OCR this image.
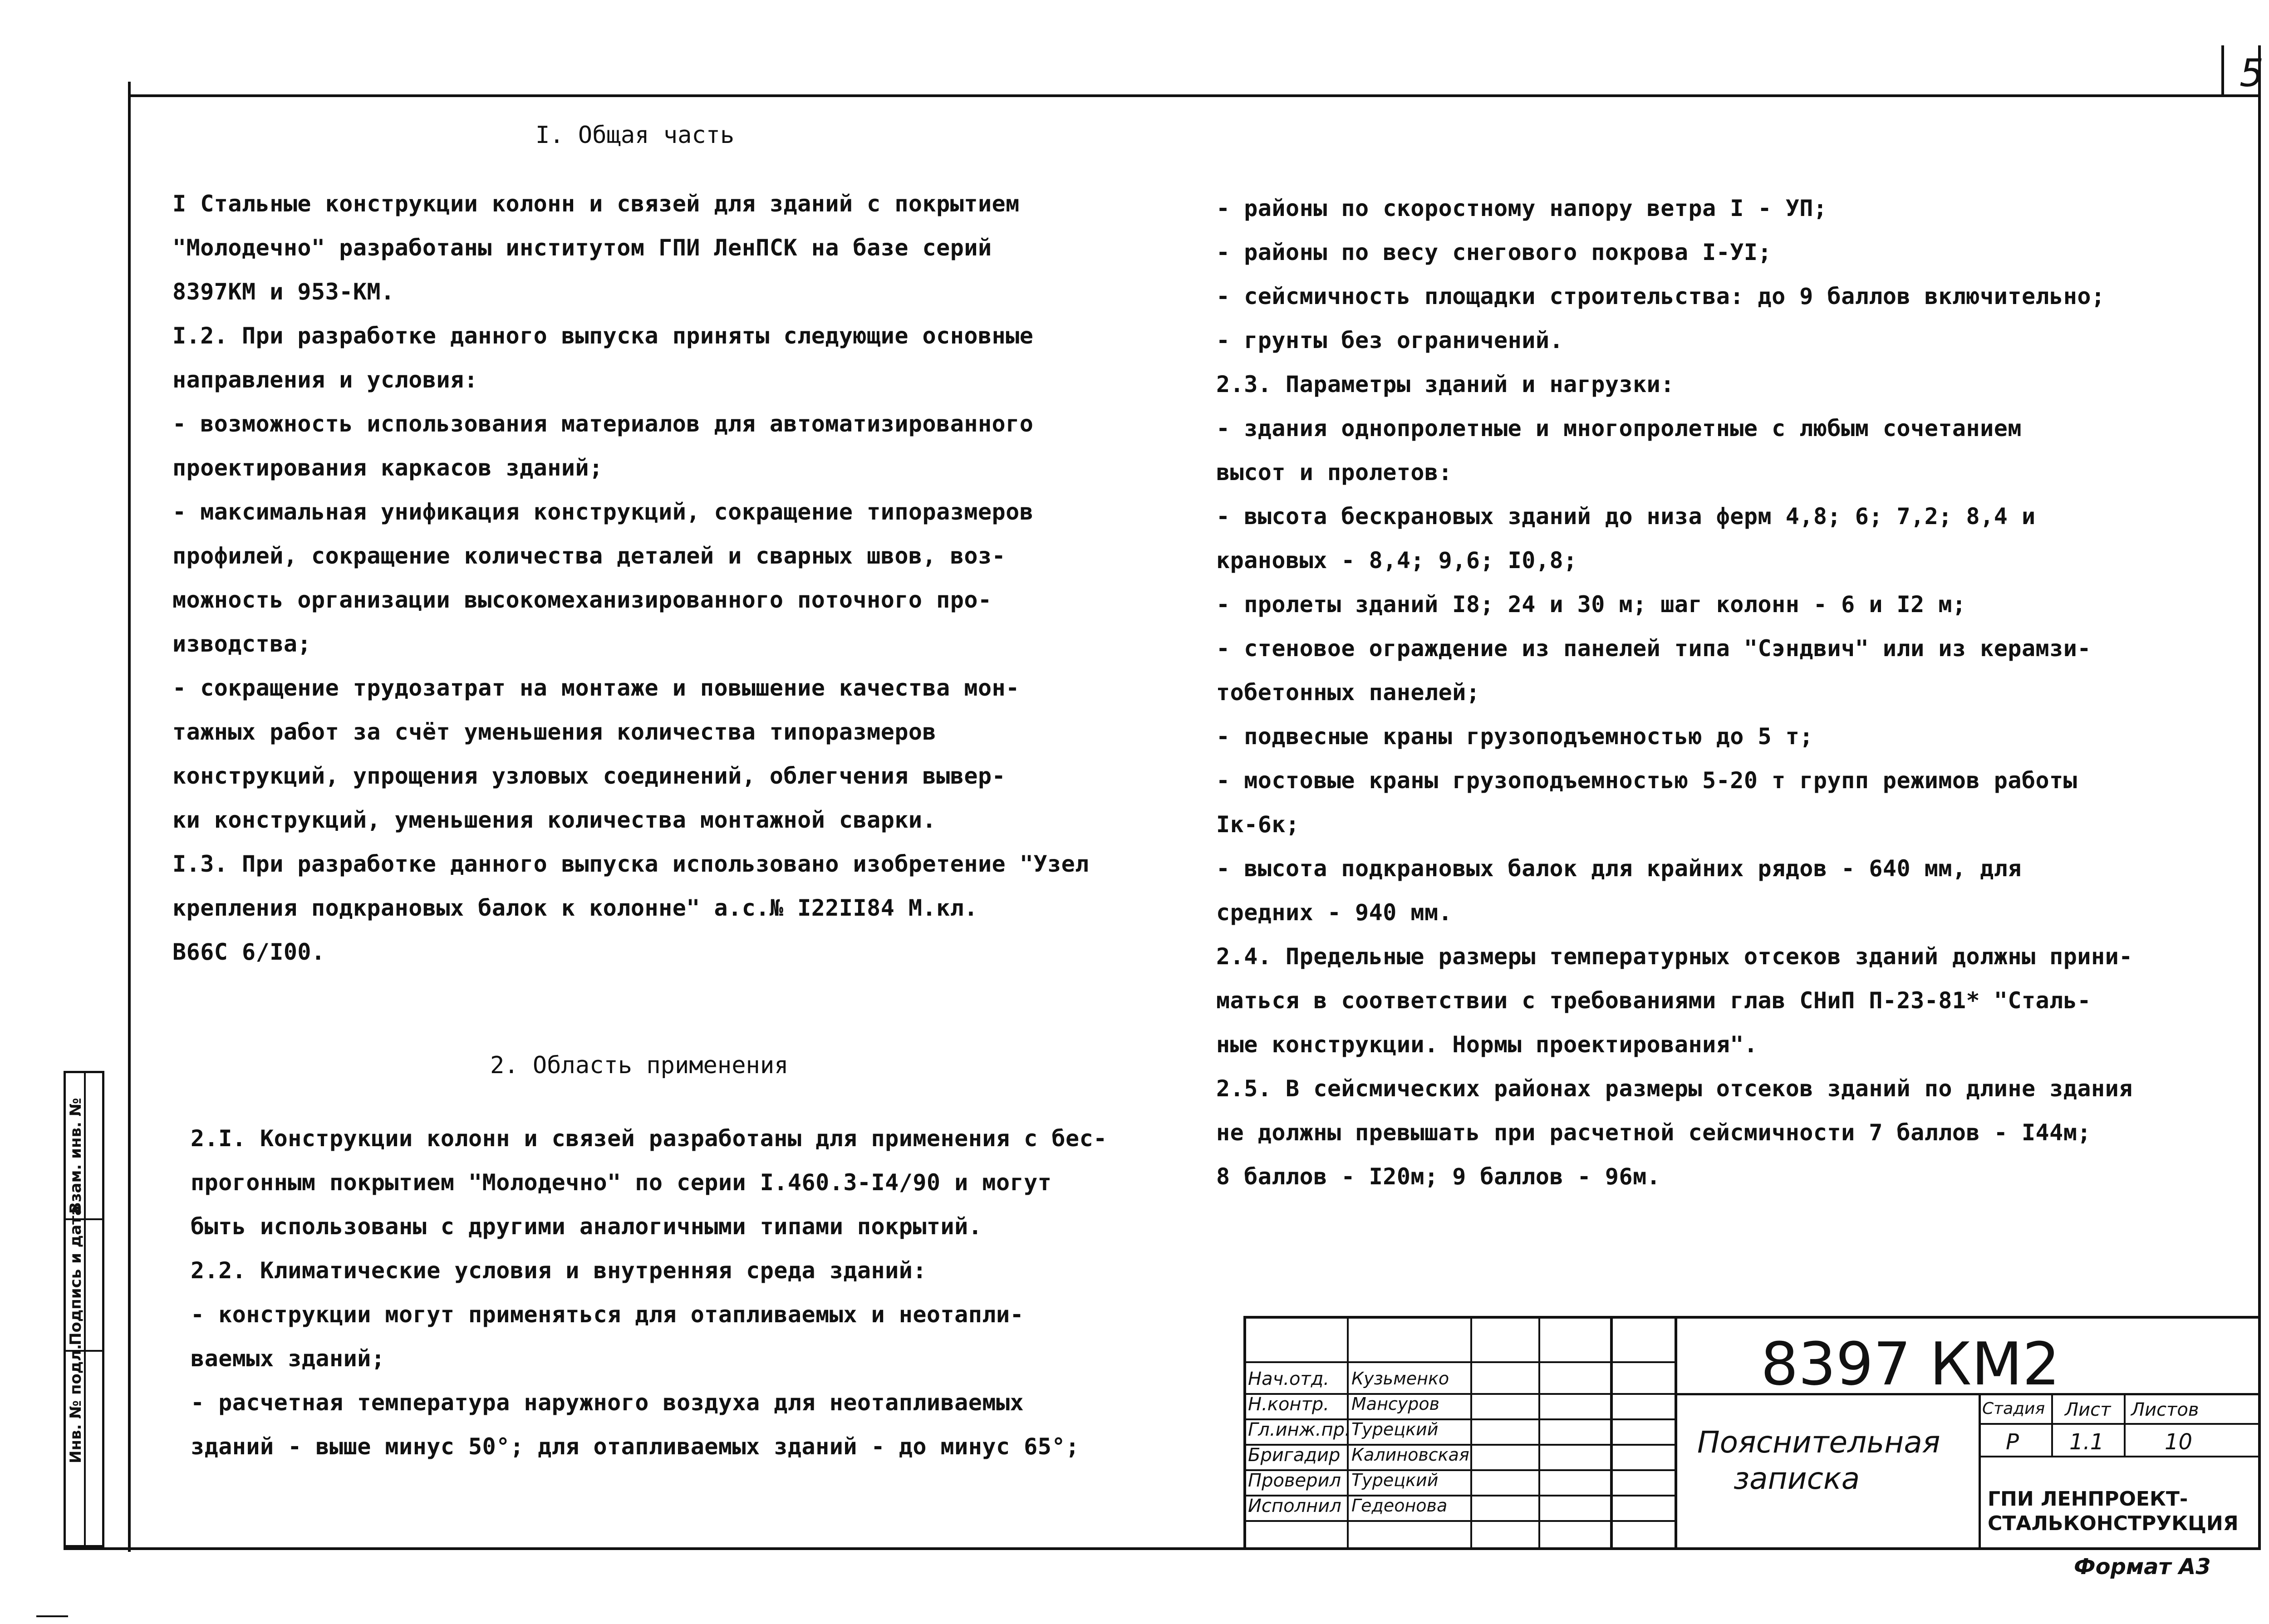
5
Инв. № подл.
Подпись и дата
Взам. инв. №
I. Общая часть
I Стальные конструкции колонн и связей для зданий с покрытием
"Молодечно" разработаны институтом ГПИ ЛенПСК на базе серий
8397КМ и 953-КМ.
I.2. При разработке данного выпуска приняты следующие основные
направления и условия:
- возможность использования материалов для автоматизированного
проектирования каркасов зданий;
- максимальная унификация конструкций, сокращение типоразмеров
профилей, сокращение количества деталей и сварных швов, воз-
можность организации высокомеханизированного поточного про-
изводства;
- сокращение трудозатрат на монтаже и повышение качества мон-
тажных работ за счёт уменьшения количества типоразмеров
конструкций, упрощения узловых соединений, облегчения вывер-
ки конструкций, уменьшения количества монтажной сварки.
I.3. При разработке данного выпуска использовано изобретение "Узел
крепления подкрановых балок к колонне" а.с.№ I22II84 М.кл.
В66С 6/I00.
2. Область применения
2.I. Конструкции колонн и связей разработаны для применения с бес-
прогонным покрытием "Молодечно" по серии I.460.3-I4/90 и могут
быть использованы с другими аналогичными типами покрытий.
2.2. Климатические условия и внутренняя среда зданий:
- конструкции могут применяться для отапливаемых и неотапли-
ваемых зданий;
- расчетная температура наружного воздуха для неотапливаемых
зданий - выше минус 50°; для отапливаемых зданий - до минус 65°;
- районы по скоростному напору ветра I - УП;
- районы по весу снегового покрова I-УI;
- сейсмичность площадки строительства: до 9 баллов включительно;
- грунты без ограничений.
2.3. Параметры зданий и нагрузки:
- здания однопролетные и многопролетные с любым сочетанием
высот и пролетов:
- высота бескрановых зданий до низа ферм 4,8; 6; 7,2; 8,4 и
крановых - 8,4; 9,6; I0,8;
- пролеты зданий I8; 24 и 30 м; шаг колонн - 6 и I2 м;
- стеновое ограждение из панелей типа "Сэндвич" или из керамзи-
тобетонных панелей;
- подвесные краны грузоподъемностью до 5 т;
- мостовые краны грузоподъемностью 5-20 т групп режимов работы
Iк-6к;
- высота подкрановых балок для крайних рядов - 640 мм, для
средних - 940 мм.
2.4. Предельные размеры температурных отсеков зданий должны прини-
маться в соответствии с требованиями глав СНиП П-23-81* "Сталь-
ные конструкции. Нормы проектирования".
2.5. В сейсмических районах размеры отсеков зданий по длине здания
не должны превышать при расчетной сейсмичности 7 баллов - I44м;
8 баллов - I20м; 9 баллов - 96м.
8397 КМ2
Пояснительная
записка
Стадия Лист Листов
Р 1.1	10
ГПИ ЛЕНПРОЕКТ-
СТАЛЬКОНСТРУКЦИЯ
Нач.отд. Кузьменко
Н.контр. Мансуров
Гл.инж.пр. Турецкий
Бригадир Калиновская
Проверил Турецкий
Исполнил Гедеонова
Формат А3
